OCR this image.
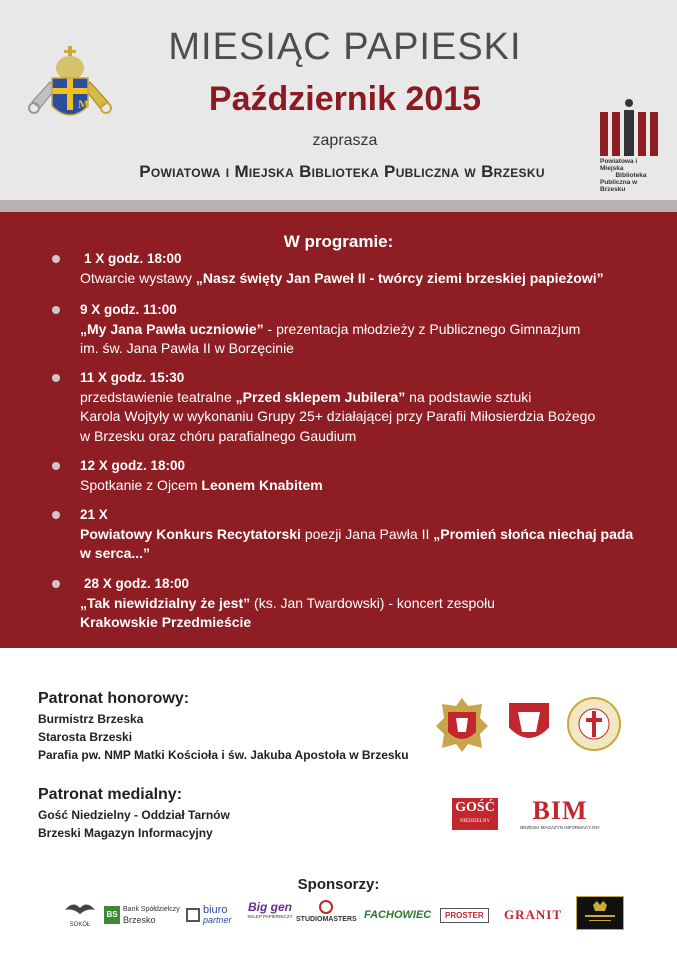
M
MIESIĄC PAPIESKI
Październik 2015
zaprasza
Powiatowa i Miejska Biblioteka Publiczna w Brzesku
Powiatowa i Miejska
Biblioteka
Publiczna w Brzesku
W programie:
1 X godz. 18:00
Otwarcie wystawy „Nasz święty Jan Paweł II - twórcy ziemi brzeskiej papieżowi”
9 X godz. 11:00
„My Jana Pawła uczniowie” - prezentacja młodzieży z Publicznego Gimnazjum
im. św. Jana Pawła II w Borzęcinie
11 X godz. 15:30
przedstawienie teatralne „Przed sklepem Jubilera” na podstawie sztuki
Karola Wojtyły w wykonaniu Grupy 25+ działającej przy Parafii Miłosierdzia Bożego
w Brzesku oraz chóru parafialnego Gaudium
12 X godz. 18:00
Spotkanie z Ojcem Leonem Knabitem
21 X
Powiatowy Konkurs Recytatorski poezji Jana Pawła II „Promień słońca niechaj pada
w serca...”
28 X godz. 18:00
„Tak niewidzialny że jest” (ks. Jan Twardowski) - koncert zespołu
Krakowskie Przedmieście
Patronat honorowy:
Burmistrz Brzeska
Starosta Brzeski
Parafia pw. NMP Matki Kościoła i św. Jakuba Apostoła w Brzesku
Patronat medialny:
Gość Niedzielny - Oddział Tarnów
Brzeski Magazyn Informacyjny
GOŚĆ
NIEDZIELNY	BIM
BRZESKI MAGAZYN INFORMACYJNY
Sponsorzy:
SOKÓŁ
BS
Bank Spółdzielczy
Brzesko
biuro
partner
Big gen
SKLEP PAPIERNICZY STUDIOMASTERS FACHOWIEC	PROSTER	GRANIT
